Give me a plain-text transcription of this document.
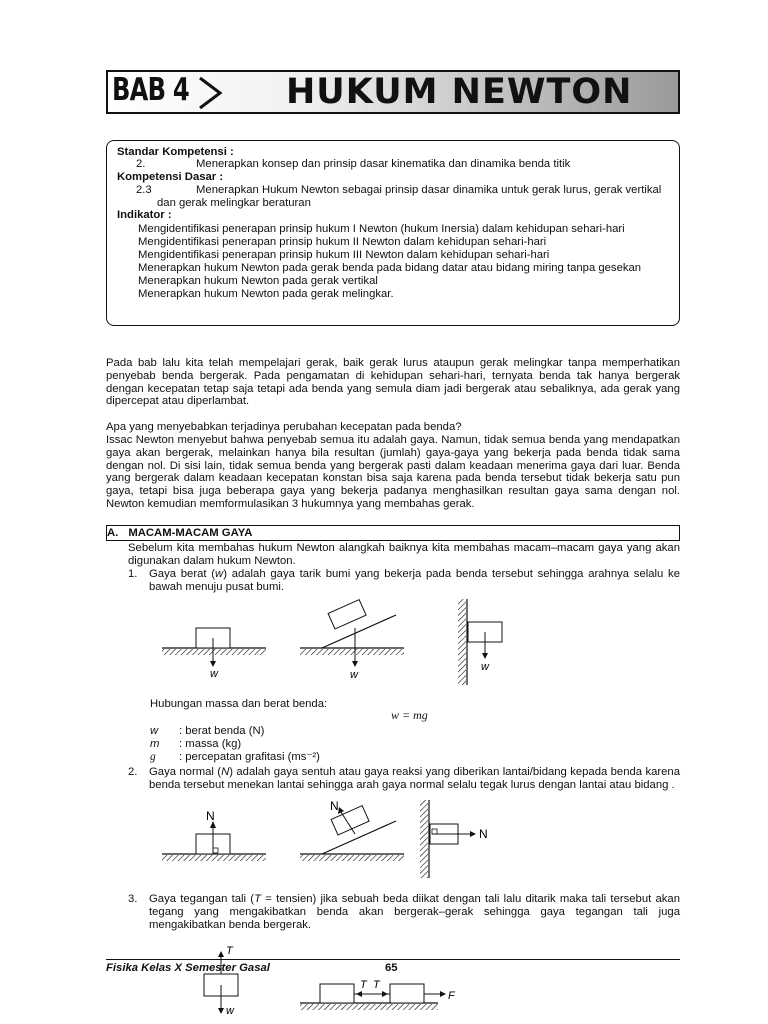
BAB 4	HUKUM NEWTON
Standar Kompetensi :
2.	Menerapkan konsep dan prinsip dasar kinematika dan dinamika benda titik
Kompetensi Dasar :
2.3	Menerapkan Hukum Newton sebagai prinsip dasar dinamika untuk gerak lurus, gerak vertikal
dan gerak melingkar beraturan
Indikator :
Mengidentifikasi penerapan prinsip hukum I Newton (hukum Inersia) dalam kehidupan sehari-hari
Mengidentifikasi penerapan prinsip hukum II Newton dalam kehidupan sehari-hari
Mengidentifikasi penerapan prinsip hukum III Newton dalam kehidupan sehari-hari
Menerapkan hukum Newton pada gerak benda pada bidang datar atau bidang miring tanpa gesekan
Menerapkan hukum Newton pada gerak vertikal
Menerapkan hukum Newton pada gerak melingkar.
Pada bab lalu kita telah mempelajari gerak, baik gerak lurus ataupun gerak melingkar tanpa memperhatikan penyebab benda bergerak. Pada pengamatan di kehidupan sehari-hari, ternyata benda tak hanya bergerak dengan kecepatan tetap saja tetapi ada benda yang semula diam jadi bergerak atau sebaliknya, ada gerak yang dipercepat atau diperlambat.
Apa yang menyebabkan terjadinya perubahan kecepatan pada benda?
Issac Newton menyebut bahwa penyebab semua itu adalah gaya. Namun, tidak semua benda yang mendapatkan gaya akan bergerak, melainkan hanya bila resultan (jumlah) gaya-gaya yang bekerja pada benda tidak sama dengan nol. Di sisi lain, tidak semua benda yang bergerak pasti dalam keadaan menerima gaya dari luar. Benda yang bergerak dalam keadaan kecepatan konstan bisa saja karena pada benda tersebut tidak bekerja satu pun gaya, tetapi bisa juga beberapa gaya yang bekerja padanya menghasilkan resultan gaya sama dengan nol. Newton kemudian memformulasikan 3 hukumnya yang membahas gerak.
A. MACAM-MACAM GAYA
Sebelum kita membahas hukum Newton alangkah baiknya kita membahas macam–macam gaya yang akan digunakan dalam hukum Newton.
1. Gaya berat (w) adalah gaya tarik bumi yang bekerja pada benda tersebut sehingga arahnya selalu ke bawah menuju pusat bumi.
w	w
w
Hubungan massa dan berat benda:
w = mg
w : berat benda (N)
m : massa (kg)
g : percepatan grafitasi (ms⁻²)
2. Gaya normal (N) adalah gaya sentuh atau gaya reaksi yang diberikan lantai/bidang kepada benda karena benda tersebut menekan lantai sehingga arah gaya normal selalu tegak lurus dengan lantai atau bidang .
N
N
N
3. Gaya tegangan tali (T = tensien) jika sebuah beda diikat dengan tali lalu ditarik maka tali tersebut akan tegang yang mengakibatkan benda akan bergerak–gerak sehingga gaya tegangan tali juga mengakibatkan benda bergerak.
T
w
T T
F
Fisika Kelas X Semester Gasal	65
